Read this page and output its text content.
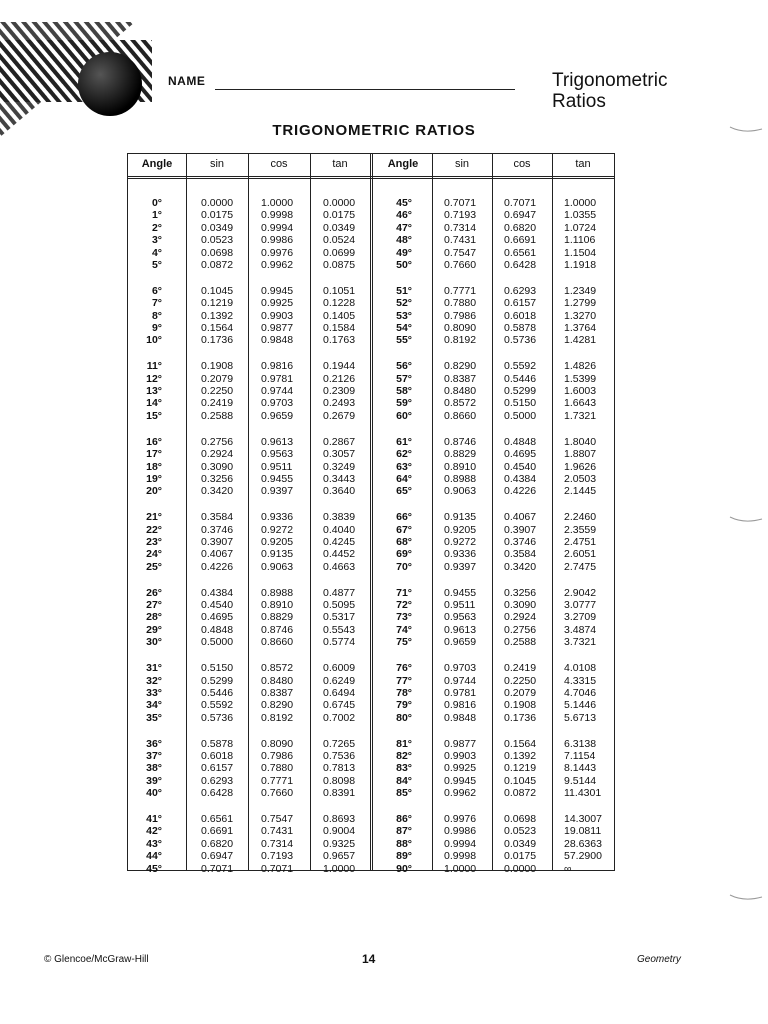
NAME	Trigonometric
Ratios
TRIGONOMETRIC RATIOS
Angle	sin	cos	tan	Angle	sin	cos	tan
0°	0.0000	1.0000	0.0000	45°	0.7071	0.7071	1.0000
1°	0.0175	0.9998	0.0175	46°	0.7193	0.6947	1.0355
2°	0.0349	0.9994	0.0349	47°	0.7314	0.6820	1.0724
3°	0.0523	0.9986	0.0524	48°	0.7431	0.6691	1.1106
4°	0.0698	0.9976	0.0699	49°	0.7547	0.6561	1.1504
5°	0.0872	0.9962	0.0875	50°	0.7660	0.6428	1.1918
6°	0.1045	0.9945	0.1051	51°	0.7771	0.6293	1.2349
7°	0.1219	0.9925	0.1228	52°	0.7880	0.6157	1.2799
8°	0.1392	0.9903	0.1405	53°	0.7986	0.6018	1.3270
9°	0.1564	0.9877	0.1584	54°	0.8090	0.5878	1.3764
10°	0.1736	0.9848	0.1763	55°	0.8192	0.5736	1.4281
11°	0.1908	0.9816	0.1944	56°	0.8290	0.5592	1.4826
12°	0.2079	0.9781	0.2126	57°	0.8387	0.5446	1.5399
13°	0.2250	0.9744	0.2309	58°	0.8480	0.5299	1.6003
14°	0.2419	0.9703	0.2493	59°	0.8572	0.5150	1.6643
15°	0.2588	0.9659	0.2679	60°	0.8660	0.5000	1.7321
16°	0.2756	0.9613	0.2867	61°	0.8746	0.4848	1.8040
17°	0.2924	0.9563	0.3057	62°	0.8829	0.4695	1.8807
18°	0.3090	0.9511	0.3249	63°	0.8910	0.4540	1.9626
19°	0.3256	0.9455	0.3443	64°	0.8988	0.4384	2.0503
20°	0.3420	0.9397	0.3640	65°	0.9063	0.4226	2.1445
21°	0.3584	0.9336	0.3839	66°	0.9135	0.4067	2.2460
22°	0.3746	0.9272	0.4040	67°	0.9205	0.3907	2.3559
23°	0.3907	0.9205	0.4245	68°	0.9272	0.3746	2.4751
24°	0.4067	0.9135	0.4452	69°	0.9336	0.3584	2.6051
25°	0.4226	0.9063	0.4663	70°	0.9397	0.3420	2.7475
26°	0.4384	0.8988	0.4877	71°	0.9455	0.3256	2.9042
27°	0.4540	0.8910	0.5095	72°	0.9511	0.3090	3.0777
28°	0.4695	0.8829	0.5317	73°	0.9563	0.2924	3.2709
29°	0.4848	0.8746	0.5543	74°	0.9613	0.2756	3.4874
30°	0.5000	0.8660	0.5774	75°	0.9659	0.2588	3.7321
31°	0.5150	0.8572	0.6009	76°	0.9703	0.2419	4.0108
32°	0.5299	0.8480	0.6249	77°	0.9744	0.2250	4.3315
33°	0.5446	0.8387	0.6494	78°	0.9781	0.2079	4.7046
34°	0.5592	0.8290	0.6745	79°	0.9816	0.1908	5.1446
35°	0.5736	0.8192	0.7002	80°	0.9848	0.1736	5.6713
36°	0.5878	0.8090	0.7265	81°	0.9877	0.1564	6.3138
37°	0.6018	0.7986	0.7536	82°	0.9903	0.1392	7.1154
38°	0.6157	0.7880	0.7813	83°	0.9925	0.1219	8.1443
39°	0.6293	0.7771	0.8098	84°	0.9945	0.1045	9.5144
40°	0.6428	0.7660	0.8391	85°	0.9962	0.0872	11.4301
41°	0.6561	0.7547	0.8693	86°	0.9976	0.0698	14.3007
42°	0.6691	0.7431	0.9004	87°	0.9986	0.0523	19.0811
43°	0.6820	0.7314	0.9325	88°	0.9994	0.0349	28.6363
44°	0.6947	0.7193	0.9657	89°	0.9998	0.0175	57.2900
45°	0.7071	0.7071	1.0000	90°	1.0000	0.0000	∞
© Glencoe/McGraw-Hill	14	Geometry
